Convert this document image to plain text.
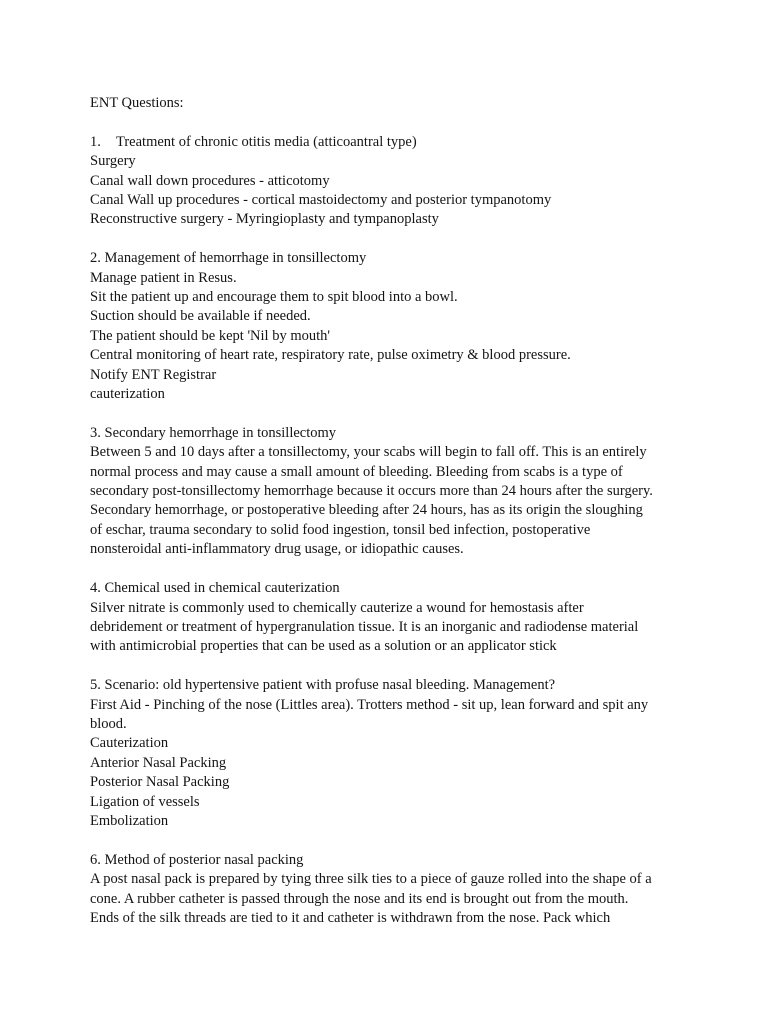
ENT Questions:

1. Treatment of chronic otitis media (atticoantral type)

Surgery

Canal wall down procedures - atticotomy

Canal Wall up procedures - cortical mastoidectomy and posterior tympanotomy

Reconstructive surgery - Myringioplasty and tympanoplasty

2. Management of hemorrhage in tonsillectomy

Manage patient in Resus.

Sit the patient up and encourage them to spit blood into a bowl.

Suction should be available if needed.

The patient should be kept 'Nil by mouth'

Central monitoring of heart rate, respiratory rate, pulse oximetry & blood pressure.

Notify ENT Registrar

cauterization

3. Secondary hemorrhage in tonsillectomy

Between 5 and 10 days after a tonsillectomy, your scabs will begin to fall off. This is an entirely

normal process and may cause a small amount of bleeding. Bleeding from scabs is a type of

secondary post-tonsillectomy hemorrhage because it occurs more than 24 hours after the surgery.

Secondary hemorrhage, or postoperative bleeding after 24 hours, has as its origin the sloughing

of eschar, trauma secondary to solid food ingestion, tonsil bed infection, postoperative

nonsteroidal anti-inflammatory drug usage, or idiopathic causes.

4. Chemical used in chemical cauterization

Silver nitrate is commonly used to chemically cauterize a wound for hemostasis after

debridement or treatment of hypergranulation tissue. It is an inorganic and radiodense material

with antimicrobial properties that can be used as a solution or an applicator stick

5. Scenario: old hypertensive patient with profuse nasal bleeding. Management?

First Aid - Pinching of the nose (Littles area). Trotters method - sit up, lean forward and spit any

blood.

Cauterization

Anterior Nasal Packing

Posterior Nasal Packing

Ligation of vessels

Embolization

6. Method of posterior nasal packing

A post nasal pack is prepared by tying three silk ties to a piece of gauze rolled into the shape of a

cone. A rubber catheter is passed through the nose and its end is brought out from the mouth.

Ends of the silk threads are tied to it and catheter is withdrawn from the nose. Pack which
